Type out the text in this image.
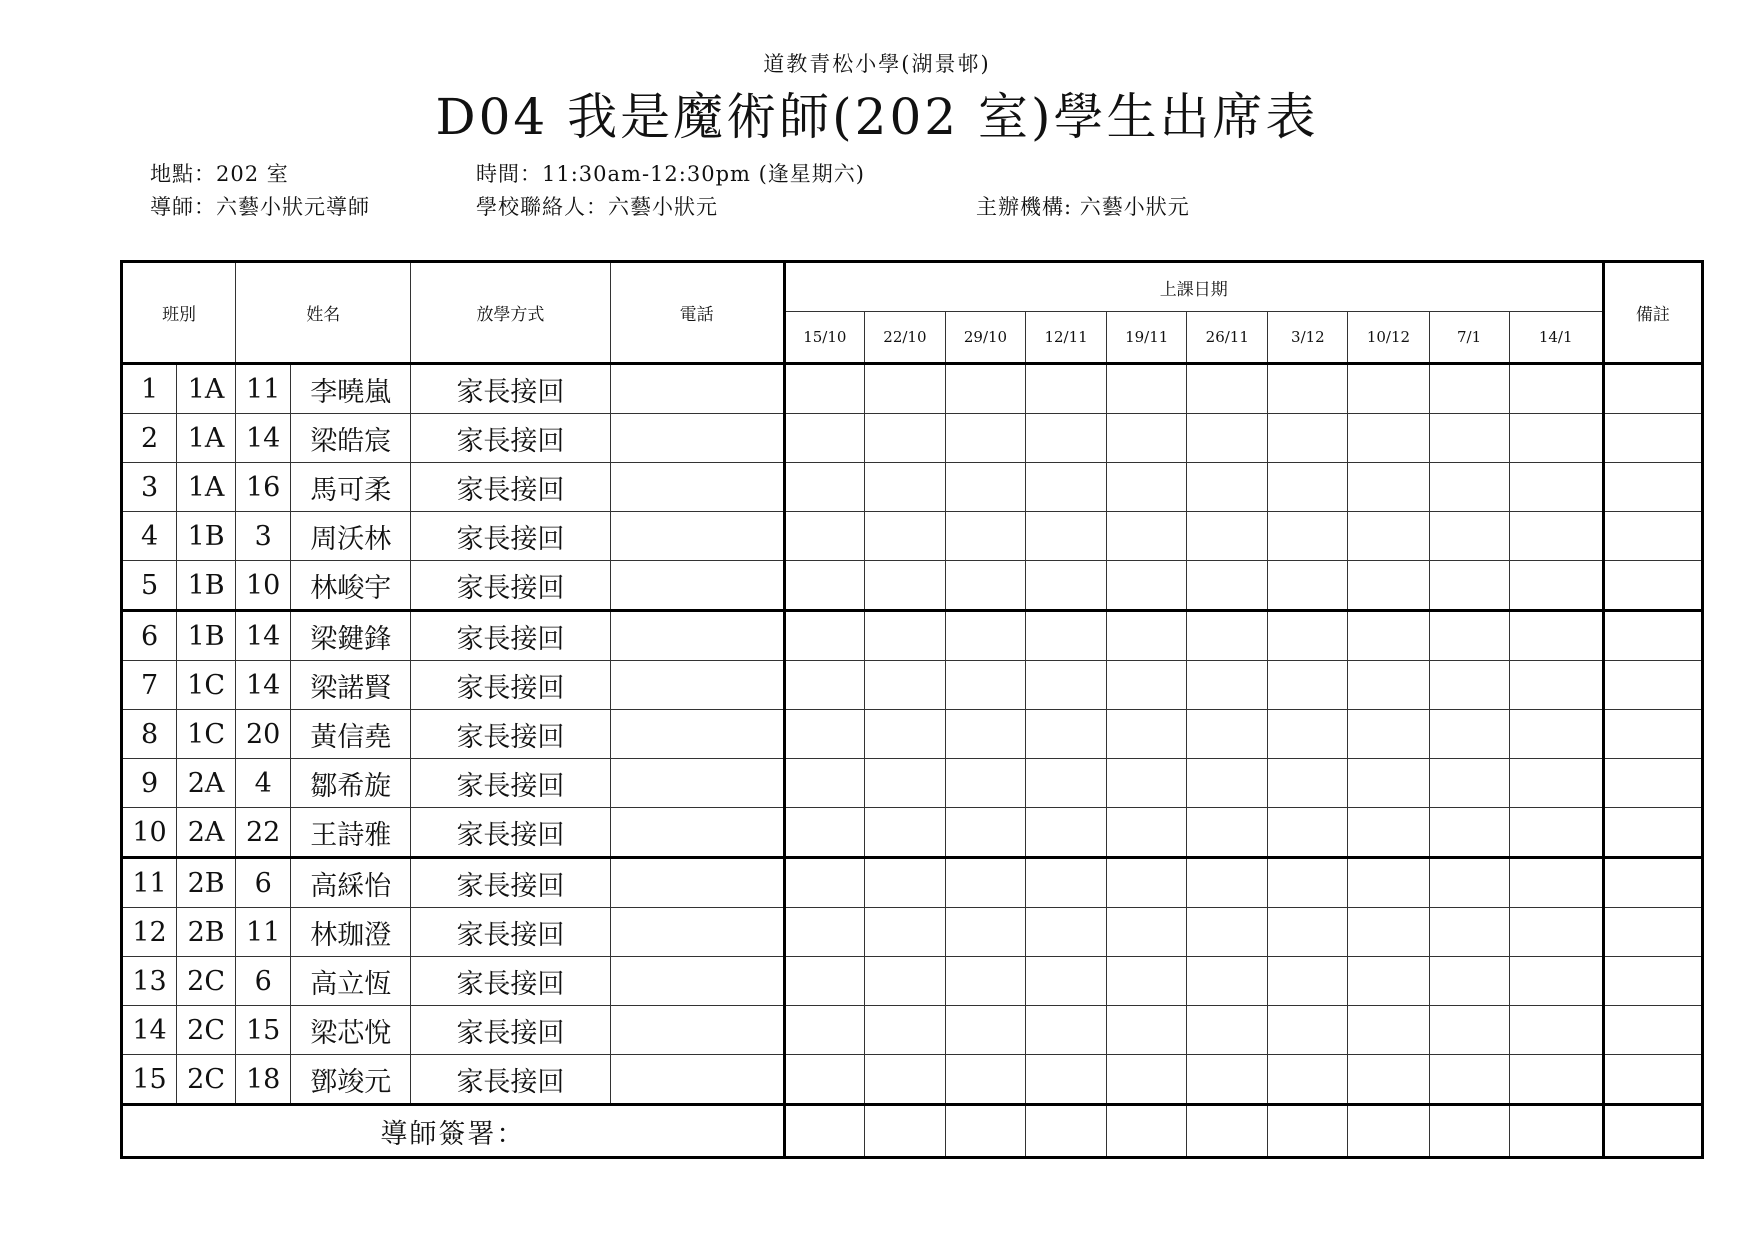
道教青松小學(湖景邨)
D04 我是魔術師(202 室)學生出席表
地點：202 室	時間：11:30am-12:30pm (逢星期六)
導師：六藝小狀元導師	學校聯絡人：六藝小狀元	主辦機構: 六藝小狀元
班別		姓名		放學方式	電話	上課日期										備註
						15/10	22/10	29/10	12/11	19/11	26/11	3/12	10/12	7/1	14/1	
1	1A	11	李曉嵐	家長接回												
2	1A	14	梁皓宸	家長接回												
3	1A	16	馬可柔	家長接回												
4	1B	3	周沃林	家長接回												
5	1B	10	林峻宇	家長接回												
6	1B	14	梁鍵鋒	家長接回												
7	1C	14	梁諾賢	家長接回												
8	1C	20	黃信堯	家長接回												
9	2A	4	鄒希旋	家長接回												
10	2A	22	王詩雅	家長接回												
11	2B	6	高綵怡	家長接回												
12	2B	11	林珈澄	家長接回												
13	2C	6	高立恆	家長接回												
14	2C	15	梁芯悅	家長接回												
15	2C	18	鄧竣元	家長接回												
導師簽署：																
